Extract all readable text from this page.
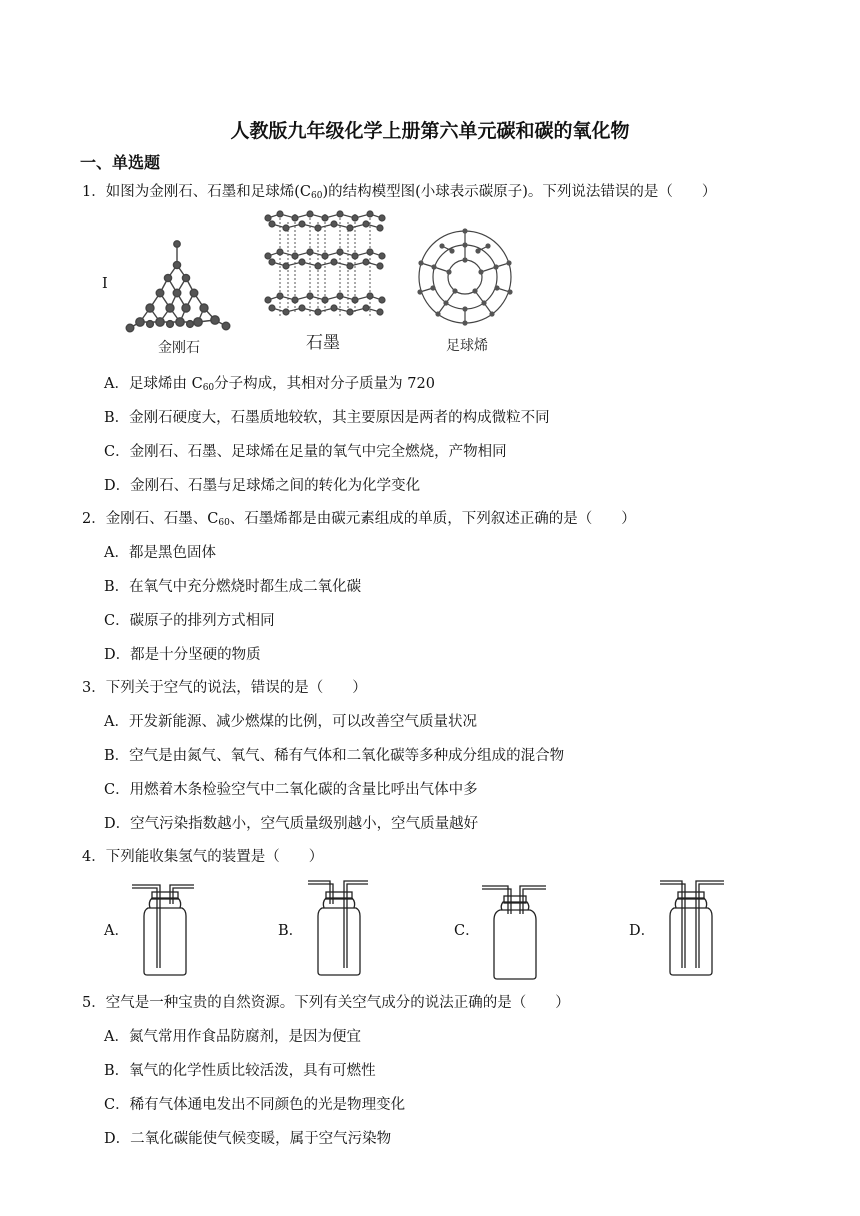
人教版九年级化学上册第六单元碳和碳的氧化物
一、单选题
1．如图为金刚石、石墨和足球烯$(C_{60})$的结构模型图(小球表示碳原子)。下列说法错误的是（　　）
I
金刚石	石墨	足球烯
A．足球烯由 $C_{60}$分子构成，其相对分子质量为 720
B．金刚石硬度大，石墨质地较软，其主要原因是两者的构成微粒不同
C．金刚石、石墨、足球烯在足量的氧气中完全燃烧，产物相同
D．金刚石、石墨与足球烯之间的转化为化学变化
2．金刚石、石墨、$C_{60}$、石墨烯都是由碳元素组成的单质，下列叙述正确的是（　　）
A．都是黑色固体
B．在氧气中充分燃烧时都生成二氧化碳
C．碳原子的排列方式相同
D．都是十分坚硬的物质
3．下列关于空气的说法，错误的是（　　）
A．开发新能源、减少燃煤的比例，可以改善空气质量状况
B．空气是由氮气、氧气、稀有气体和二氧化碳等多种成分组成的混合物
C．用燃着木条检验空气中二氧化碳的含量比呼出气体中多
D．空气污染指数越小，空气质量级别越小，空气质量越好
4．下列能收集氢气的装置是（　　）
A．	B．	C．	D．
5．空气是一种宝贵的自然资源。下列有关空气成分的说法正确的是（　　）
A．氮气常用作食品防腐剂，是因为便宜
B．氧气的化学性质比较活泼，具有可燃性
C．稀有气体通电发出不同颜色的光是物理变化
D．二氧化碳能使气候变暖，属于空气污染物
